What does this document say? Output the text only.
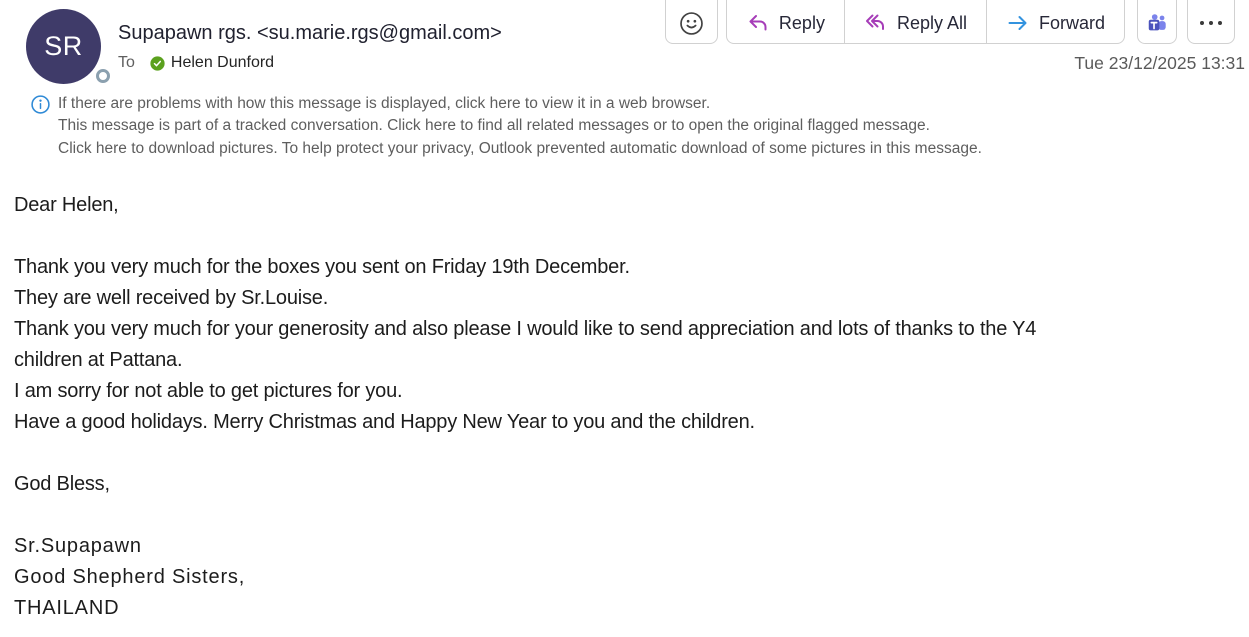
SR Supapawn rgs. <su.marie.rgs@gmail.com>
To Helen Dunford
Reply	Reply All	Forward
Tue 23/12/2025 13:31
If there are problems with how this message is displayed, click here to view it in a web browser.
This message is part of a tracked conversation. Click here to find all related messages or to open the original flagged message.
Click here to download pictures. To help protect your privacy, Outlook prevented automatic download of some pictures in this message.
Dear Helen,
Thank you very much for the boxes you sent on Friday 19th December.
They are well received by Sr.Louise.
Thank you very much for your generosity and also please I would like to send appreciation and lots of thanks to the Y4
children at Pattana.
I am sorry for not able to get pictures for you.
Have a good holidays. Merry Christmas and Happy New Year to you and the children.
God Bless,
Sr.Supapawn
Good Shepherd Sisters,
THAILAND
